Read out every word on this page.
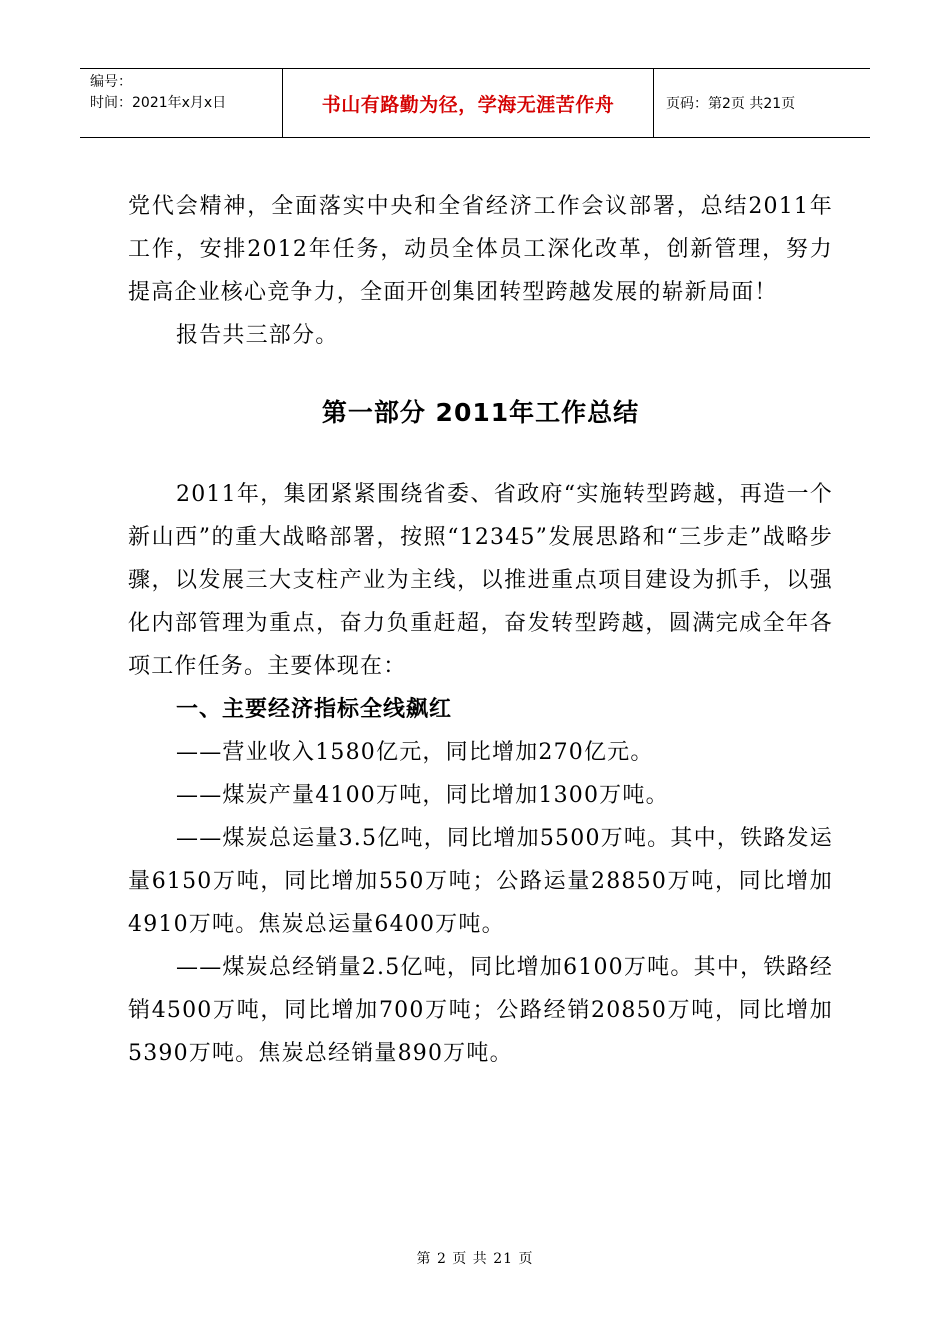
编号：
时间：2021年x月x日	书山有路勤为径，学海无涯苦作舟	页码：第2页 共21页

党代会精神，全面落实中央和全省经济工作会议部署，总结2011年工作，安排2012年任务，动员全体员工深化改革，创新管理，努力提高企业核心竞争力，全面开创集团转型跨越发展的崭新局面！

报告共三部分。

第一部分 2011年工作总结

2011年，集团紧紧围绕省委、省政府“实施转型跨越，再造一个新山西”的重大战略部署，按照“12345”发展思路和“三步走”战略步骤，以发展三大支柱产业为主线，以推进重点项目建设为抓手，以强化内部管理为重点，奋力负重赶超，奋发转型跨越，圆满完成全年各项工作任务。主要体现在：

一、主要经济指标全线飙红

——营业收入1580亿元，同比增加270亿元。

——煤炭产量4100万吨，同比增加1300万吨。

——煤炭总运量3.5亿吨，同比增加5500万吨。其中，铁路发运量6150万吨，同比增加550万吨；公路运量28850万吨，同比增加4910万吨。焦炭总运量6400万吨。

——煤炭总经销量2.5亿吨，同比增加6100万吨。其中，铁路经销4500万吨，同比增加700万吨；公路经销20850万吨，同比增加5390万吨。焦炭总经销量890万吨。

第 2 页 共 21 页
